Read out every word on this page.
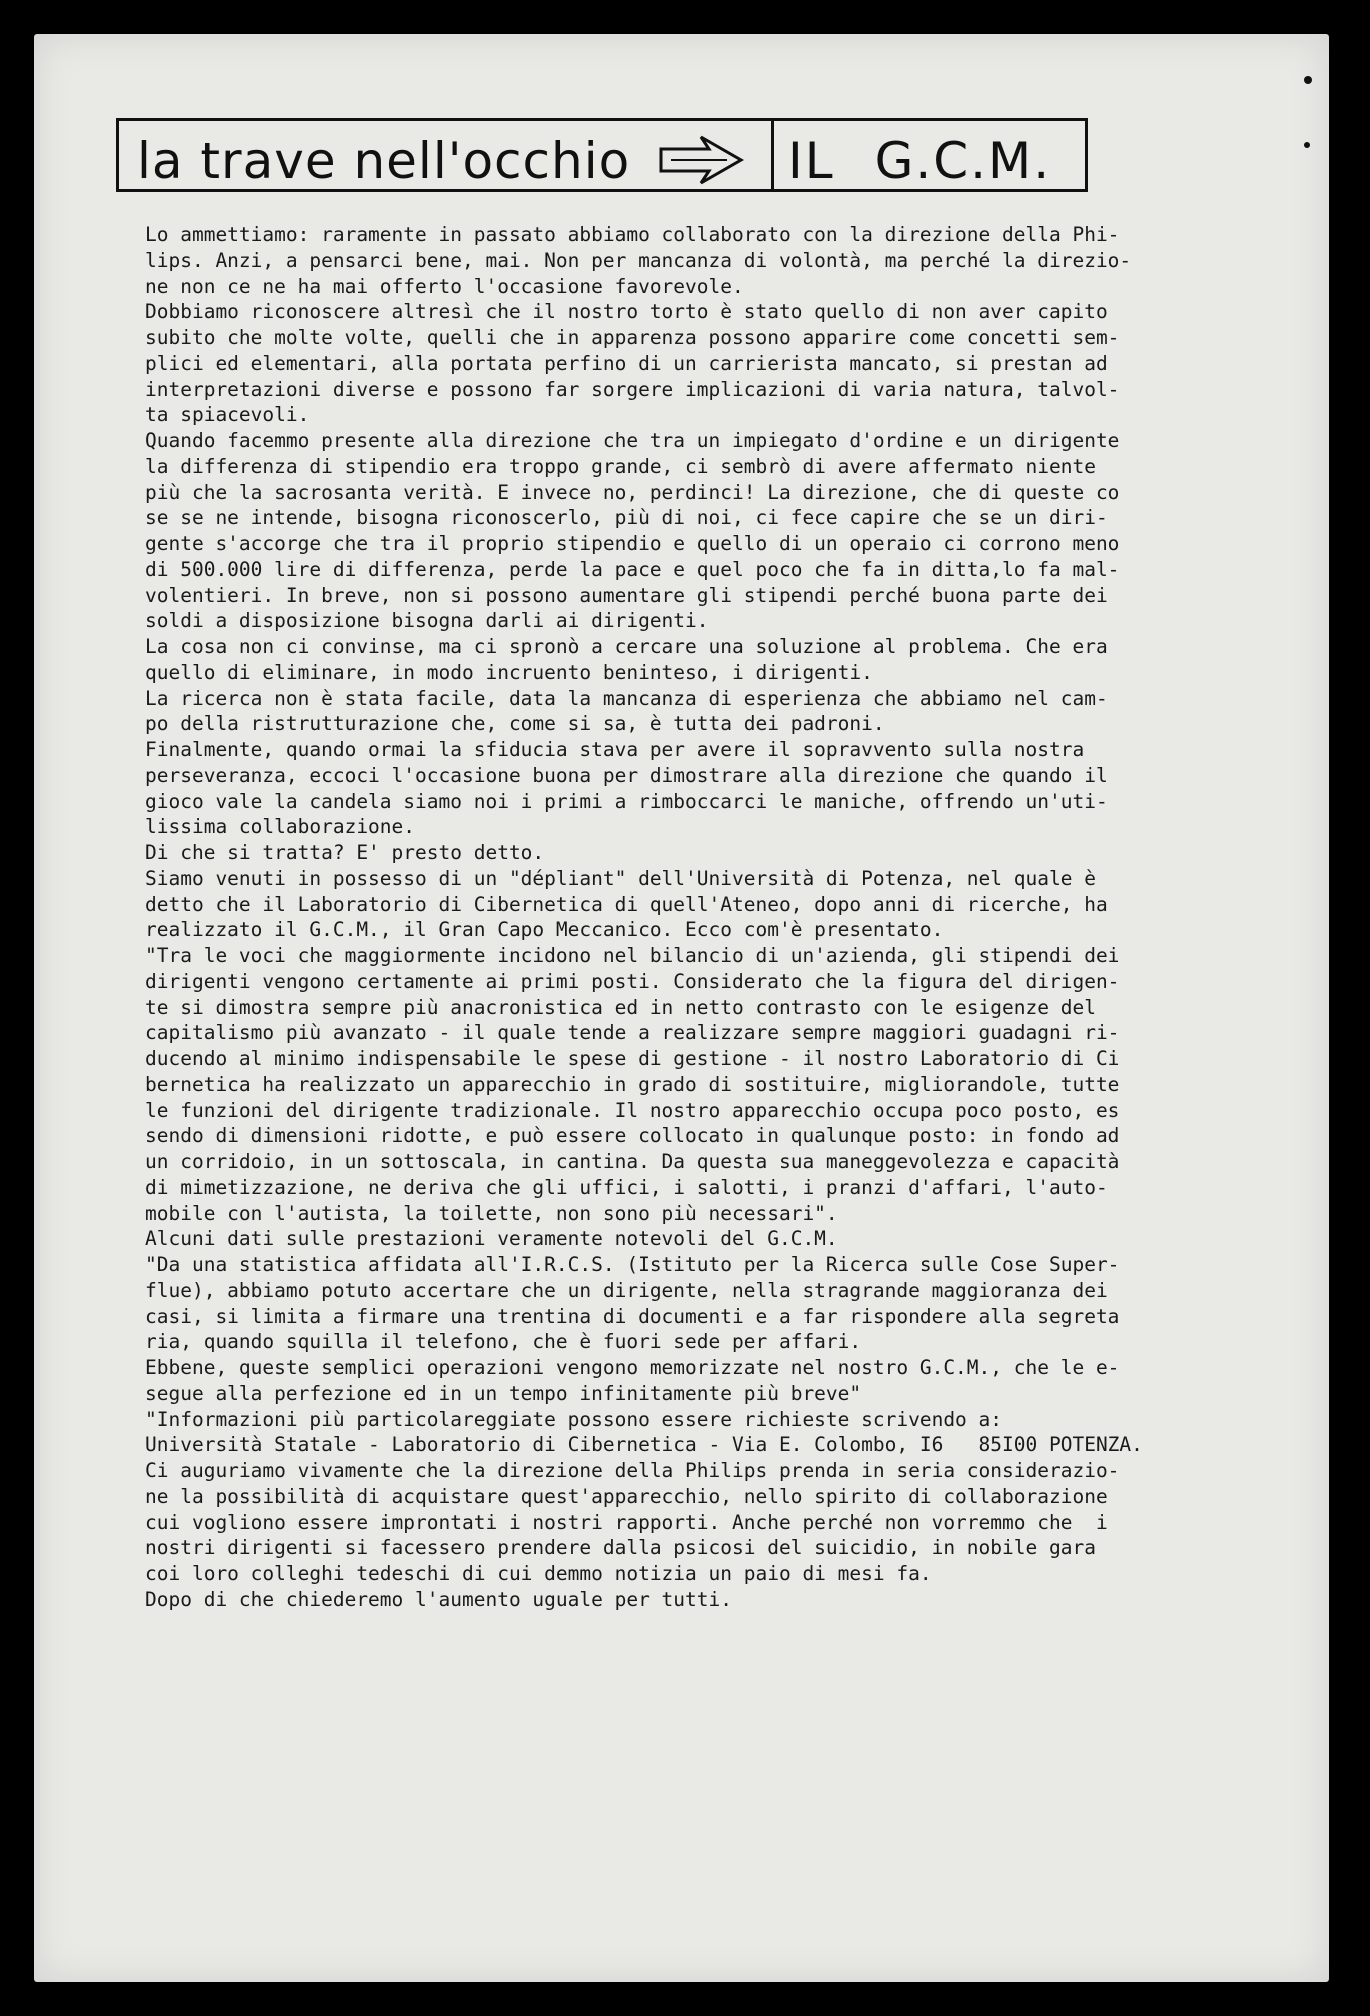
la trave nell'occhio	IL G.C.M.
Lo ammettiamo: raramente in passato abbiamo collaborato con la direzione della Phi-
lips. Anzi, a pensarci bene, mai. Non per mancanza di volontà, ma perché la direzio-
ne non ce ne ha mai offerto l'occasione favorevole.
Dobbiamo riconoscere altresì che il nostro torto è stato quello di non aver capito
subito che molte volte, quelli che in apparenza possono apparire come concetti sem-
plici ed elementari, alla portata perfino di un carrierista mancato, si prestan ad
interpretazioni diverse e possono far sorgere implicazioni di varia natura, talvol-
ta spiacevoli.
Quando facemmo presente alla direzione che tra un impiegato d'ordine e un dirigente
la differenza di stipendio era troppo grande, ci sembrò di avere affermato niente
più che la sacrosanta verità. E invece no, perdinci! La direzione, che di queste co
se se ne intende, bisogna riconoscerlo, più di noi, ci fece capire che se un diri-
gente s'accorge che tra il proprio stipendio e quello di un operaio ci corrono meno
di 500.000 lire di differenza, perde la pace e quel poco che fa in ditta,lo fa mal-
volentieri. In breve, non si possono aumentare gli stipendi perché buona parte dei
soldi a disposizione bisogna darli ai dirigenti.
La cosa non ci convinse, ma ci spronò a cercare una soluzione al problema. Che era
quello di eliminare, in modo incruento beninteso, i dirigenti.
La ricerca non è stata facile, data la mancanza di esperienza che abbiamo nel cam-
po della ristrutturazione che, come si sa, è tutta dei padroni.
Finalmente, quando ormai la sfiducia stava per avere il sopravvento sulla nostra
perseveranza, eccoci l'occasione buona per dimostrare alla direzione che quando il
gioco vale la candela siamo noi i primi a rimboccarci le maniche, offrendo un'uti-
lissima collaborazione.
Di che si tratta? E' presto detto.
Siamo venuti in possesso di un "dépliant" dell'Università di Potenza, nel quale è
detto che il Laboratorio di Cibernetica di quell'Ateneo, dopo anni di ricerche, ha
realizzato il G.C.M., il Gran Capo Meccanico. Ecco com'è presentato.
"Tra le voci che maggiormente incidono nel bilancio di un'azienda, gli stipendi dei
dirigenti vengono certamente ai primi posti. Considerato che la figura del dirigen-
te si dimostra sempre più anacronistica ed in netto contrasto con le esigenze del
capitalismo più avanzato - il quale tende a realizzare sempre maggiori guadagni ri-
ducendo al minimo indispensabile le spese di gestione - il nostro Laboratorio di Ci
bernetica ha realizzato un apparecchio in grado di sostituire, migliorandole, tutte
le funzioni del dirigente tradizionale. Il nostro apparecchio occupa poco posto, es
sendo di dimensioni ridotte, e può essere collocato in qualunque posto: in fondo ad
un corridoio, in un sottoscala, in cantina. Da questa sua maneggevolezza e capacità
di mimetizzazione, ne deriva che gli uffici, i salotti, i pranzi d'affari, l'auto-
mobile con l'autista, la toilette, non sono più necessari".
Alcuni dati sulle prestazioni veramente notevoli del G.C.M.
"Da una statistica affidata all'I.R.C.S. (Istituto per la Ricerca sulle Cose Super-
flue), abbiamo potuto accertare che un dirigente, nella stragrande maggioranza dei
casi, si limita a firmare una trentina di documenti e a far rispondere alla segreta
ria, quando squilla il telefono, che è fuori sede per affari.
Ebbene, queste semplici operazioni vengono memorizzate nel nostro G.C.M., che le e-
segue alla perfezione ed in un tempo infinitamente più breve"
"Informazioni più particolareggiate possono essere richieste scrivendo a:
Università Statale - Laboratorio di Cibernetica - Via E. Colombo, I6   85I00 POTENZA.
Ci auguriamo vivamente che la direzione della Philips prenda in seria considerazio-
ne la possibilità di acquistare quest'apparecchio, nello spirito di collaborazione
cui vogliono essere improntati i nostri rapporti. Anche perché non vorremmo che  i
nostri dirigenti si facessero prendere dalla psicosi del suicidio, in nobile gara
coi loro colleghi tedeschi di cui demmo notizia un paio di mesi fa.
Dopo di che chiederemo l'aumento uguale per tutti.
